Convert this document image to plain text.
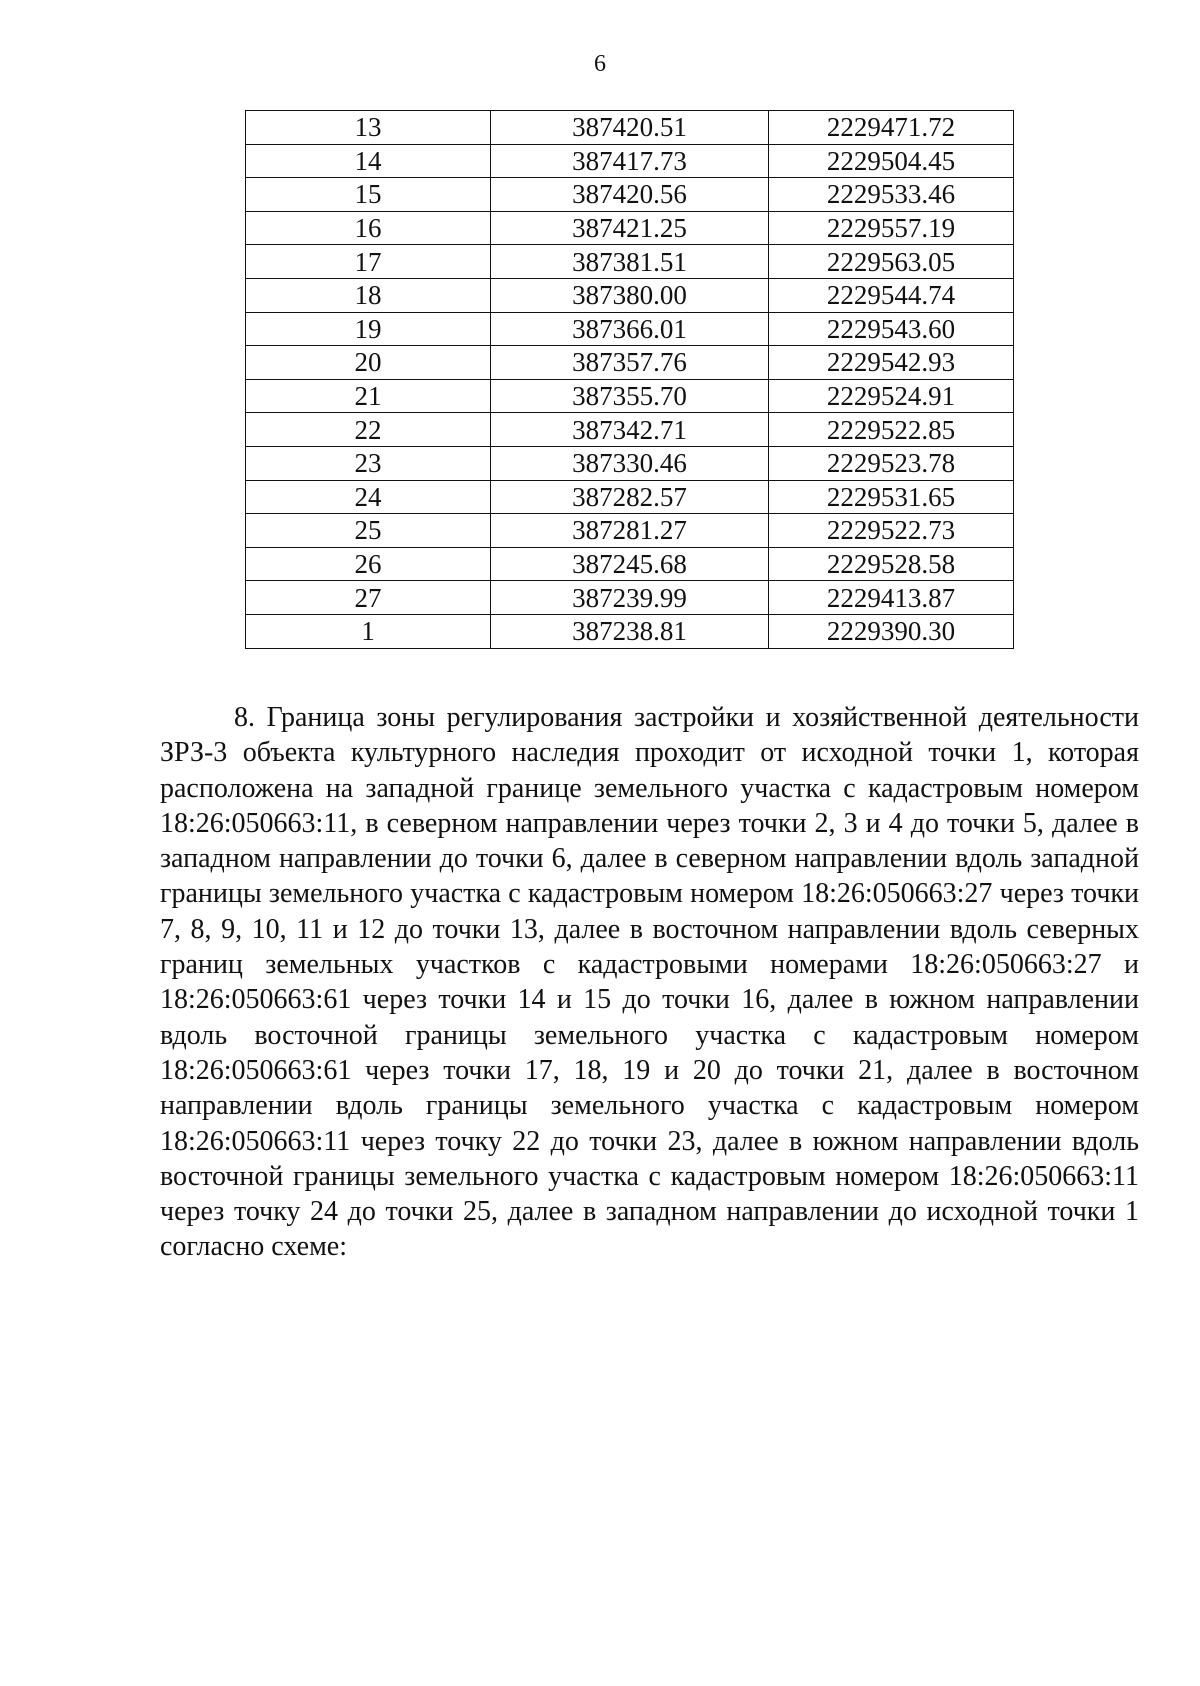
6
13	387420.51	2229471.72
14	387417.73	2229504.45
15	387420.56	2229533.46
16	387421.25	2229557.19
17	387381.51	2229563.05
18	387380.00	2229544.74
19	387366.01	2229543.60
20	387357.76	2229542.93
21	387355.70	2229524.91
22	387342.71	2229522.85
23	387330.46	2229523.78
24	387282.57	2229531.65
25	387281.27	2229522.73
26	387245.68	2229528.58
27	387239.99	2229413.87
1	387238.81	2229390.30

8. Граница зоны регулирования застройки и хозяйственной деятельности ЗРЗ-3 объекта культурного наследия проходит от исходной точки 1, которая расположена на западной границе земельного участка с кадастровым номером 18:26:050663:11, в северном направлении через точки 2, 3 и 4 до точки 5, далее в западном направлении до точки 6, далее в северном направлении вдоль западной границы земельного участка с кадастровым номером 18:26:050663:27 через точки 7, 8, 9, 10, 11 и 12 до точки 13, далее в восточном направлении вдоль северных границ земельных участков с кадастровыми номерами 18:26:050663:27 и 18:26:050663:61 через точки 14 и 15 до точки 16, далее в южном направлении вдоль восточной границы земельного участка с кадастровым номером 18:26:050663:61 через точки 17, 18, 19 и 20 до точки 21, далее в восточном направлении вдоль границы земельного участка с кадастровым номером 18:26:050663:11 через точку 22 до точки 23, далее в южном направлении вдоль восточной границы земельного участка с кадастровым номером 18:26:050663:11 через точку 24 до точки 25, далее в западном направлении до исходной точки 1 согласно схеме:
